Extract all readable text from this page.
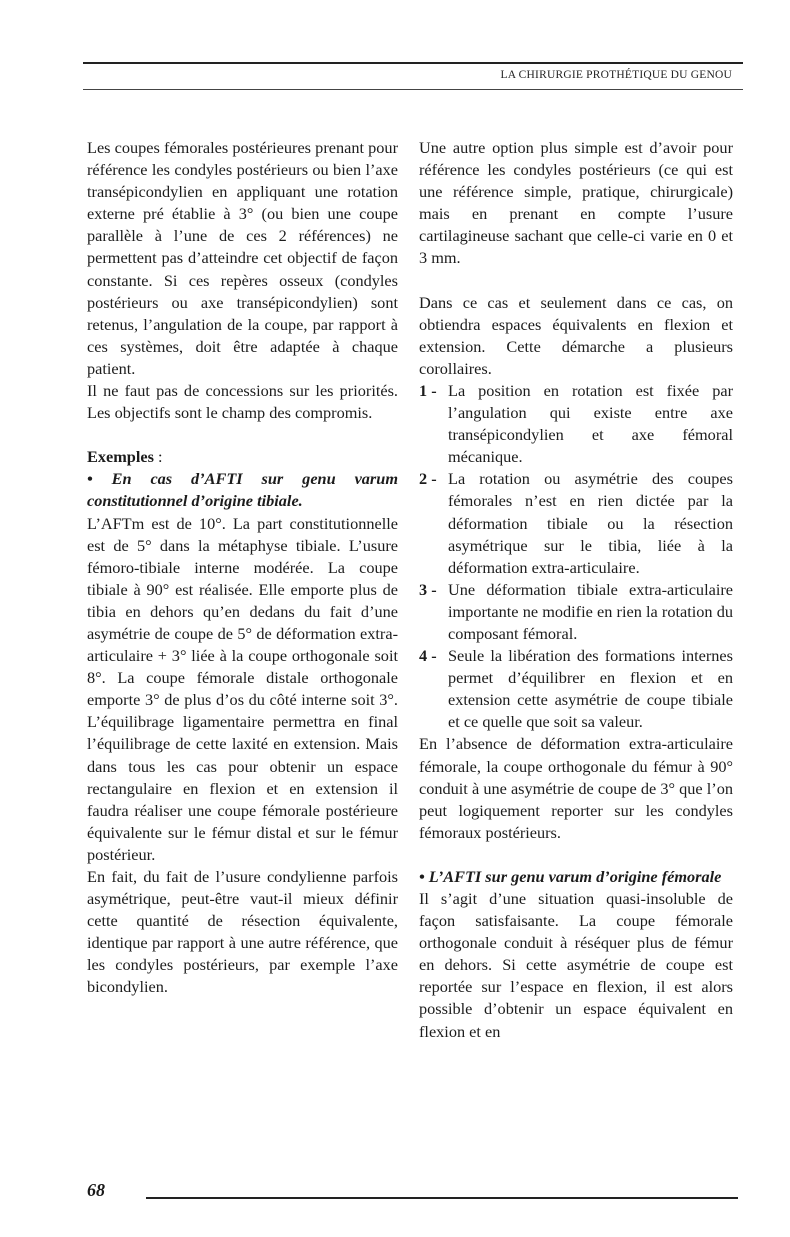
LA CHIRURGIE PROTHÉTIQUE DU GENOU

Les coupes fémorales postérieures prenant pour référence les condyles postérieurs ou bien l’axe transépicondylien en appliquant une rotation externe pré établie à 3° (ou bien une coupe parallèle à l’une de ces 2 références) ne permettent pas d’atteindre cet objectif de façon constante. Si ces repères osseux (condyles postérieurs ou axe transépicondylien) sont retenus, l’angulation de la coupe, par rapport à ces systèmes, doit être adaptée à chaque patient.

Il ne faut pas de concessions sur les priorités. Les objectifs sont le champ des compromis.

Exemples :

• En cas d’AFTI sur genu varum constitutionnel d’origine tibiale.

L’AFTm est de 10°. La part constitutionnelle est de 5° dans la métaphyse tibiale. L’usure fémoro-tibiale interne modérée. La coupe tibiale à 90° est réalisée. Elle emporte plus de tibia en dehors qu’en dedans du fait d’une asymétrie de coupe de 5° de déformation extra-articulaire + 3° liée à la coupe orthogonale soit 8°. La coupe fémorale distale orthogonale emporte 3° de plus d’os du côté interne soit 3°. L’équilibrage ligamentaire permettra en final l’équilibrage de cette laxité en extension. Mais dans tous les cas pour obtenir un espace rectangulaire en flexion et en extension il faudra réaliser une coupe fémorale postérieure équivalente sur le fémur distal et sur le fémur postérieur.

En fait, du fait de l’usure condylienne parfois asymétrique, peut-être vaut-il mieux définir cette quantité de résection équivalente, identique par rapport à une autre référence, que les condyles postérieurs, par exemple l’axe bicondylien.

Une autre option plus simple est d’avoir pour référence les condyles postérieurs (ce qui est une référence simple, pratique, chirurgicale) mais en prenant en compte l’usure cartilagineuse sachant que celle-ci varie en 0 et 3 mm.

Dans ce cas et seulement dans ce cas, on obtiendra espaces équivalents en flexion et extension. Cette démarche a plusieurs corollaires.

1 - La position en rotation est fixée par l’angulation qui existe entre axe transépicondylien et axe fémoral mécanique.
2 - La rotation ou asymétrie des coupes fémorales n’est en rien dictée par la déformation tibiale ou la résection asymétrique sur le tibia, liée à la déformation extra-articulaire.
3 - Une déformation tibiale extra-articulaire importante ne modifie en rien la rotation du composant fémoral.
4 - Seule la libération des formations internes permet d’équilibrer en flexion et en extension cette asymétrie de coupe tibiale et ce quelle que soit sa valeur.

En l’absence de déformation extra-articulaire fémorale, la coupe orthogonale du fémur à 90° conduit à une asymétrie de coupe de 3° que l’on peut logiquement reporter sur les condyles fémoraux postérieurs.

• L’AFTI sur genu varum d’origine fémorale

Il s’agit d’une situation quasi-insoluble de façon satisfaisante. La coupe fémorale orthogonale conduit à réséquer plus de fémur en dehors. Si cette asymétrie de coupe est reportée sur l’espace en flexion, il est alors possible d’obtenir un espace équivalent en flexion et en

68
